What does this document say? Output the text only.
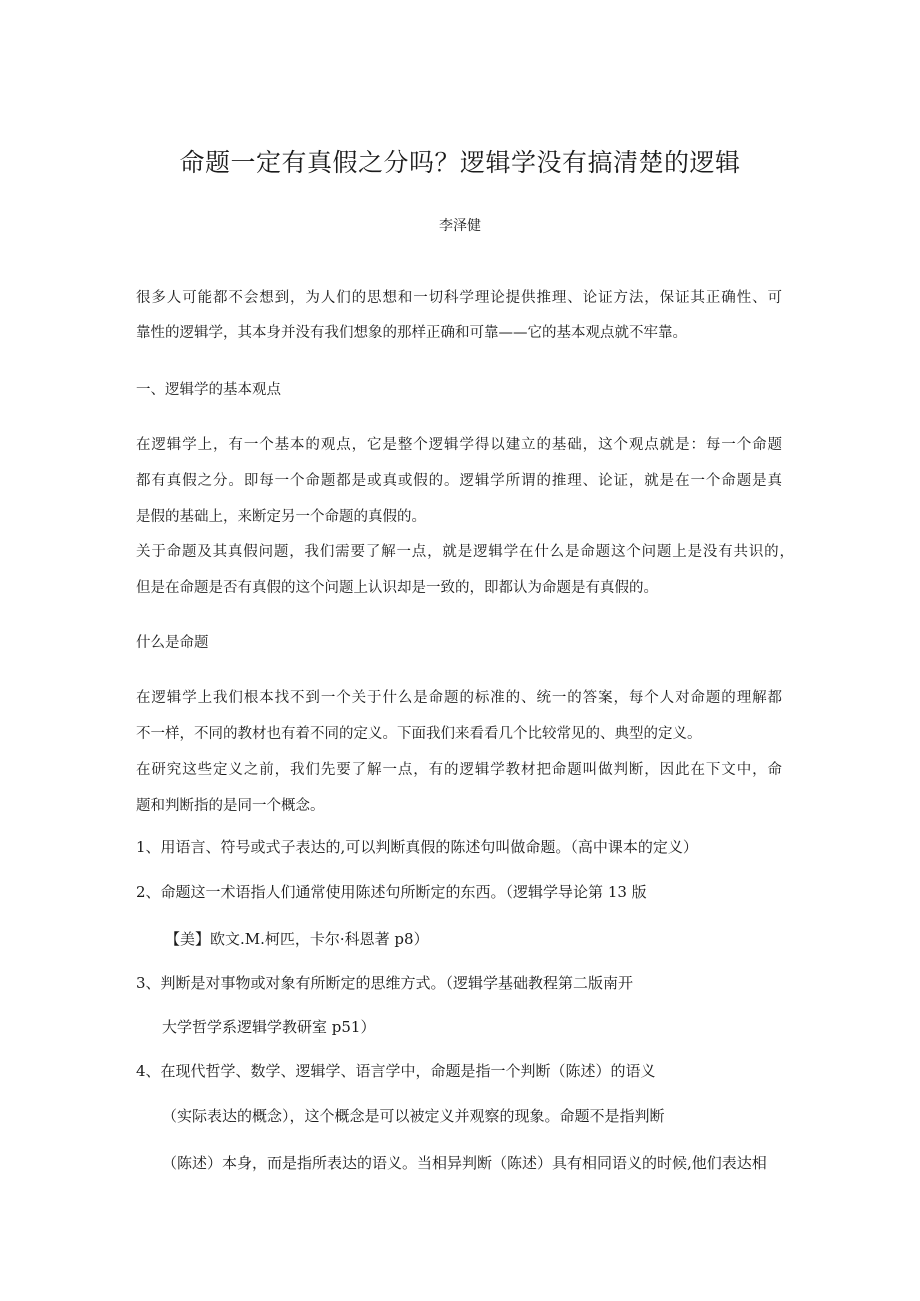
命题一定有真假之分吗？逻辑学没有搞清楚的逻辑
李泽健
很多人可能都不会想到，为人们的思想和一切科学理论提供推理、论证方法，保证其正确性、可
靠性的逻辑学，其本身并没有我们想象的那样正确和可靠——它的基本观点就不牢靠。
一、逻辑学的基本观点
在逻辑学上，有一个基本的观点，它是整个逻辑学得以建立的基础，这个观点就是：每一个命题
都有真假之分。即每一个命题都是或真或假的。逻辑学所谓的推理、论证，就是在一个命题是真
是假的基础上，来断定另一个命题的真假的。
关于命题及其真假问题，我们需要了解一点，就是逻辑学在什么是命题这个问题上是没有共识的，
但是在命题是否有真假的这个问题上认识却是一致的，即都认为命题是有真假的。
什么是命题
在逻辑学上我们根本找不到一个关于什么是命题的标准的、统一的答案，每个人对命题的理解都
不一样，不同的教材也有着不同的定义。下面我们来看看几个比较常见的、典型的定义。
在研究这些定义之前，我们先要了解一点，有的逻辑学教材把命题叫做判断，因此在下文中，命
题和判断指的是同一个概念。
1、用语言、符号或式子表达的,可以判断真假的陈述句叫做命题。（高中课本的定义）
2、命题这一术语指人们通常使用陈述句所断定的东西。（逻辑学导论第 13 版
【美】欧文.M.柯匹，卡尔·科恩著 p8）
3、判断是对事物或对象有所断定的思维方式。（逻辑学基础教程第二版南开
大学哲学系逻辑学教研室 p51）
4、在现代哲学、数学、逻辑学、语言学中，命题是指一个判断（陈述）的语义
（实际表达的概念），这个概念是可以被定义并观察的现象。命题不是指判断
（陈述）本身，而是指所表达的语义。当相异判断（陈述）具有相同语义的时候,他们表达相
